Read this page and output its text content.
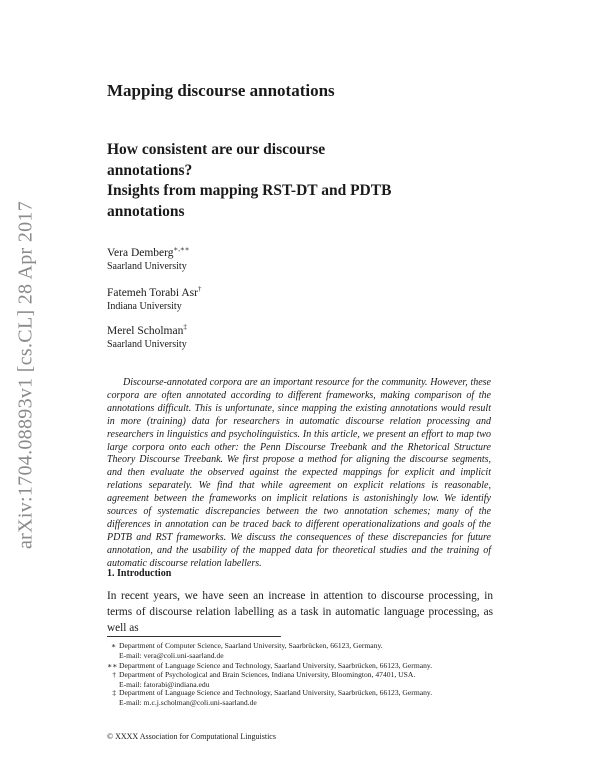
arXiv:1704.08893v1 [cs.CL] 28 Apr 2017
Mapping discourse annotations
How consistent are our discourse
annotations?
Insights from mapping RST-DT and PDTB
annotations
Vera Demberg∗,∗∗
Saarland University
Fatemeh Torabi Asr†
Indiana University
Merel Scholman‡
Saarland University
Discourse-annotated corpora are an important resource for the community. However, these corpora are often annotated according to different frameworks, making comparison of the annotations difficult. This is unfortunate, since mapping the existing annotations would result in more (training) data for researchers in automatic discourse relation processing and researchers in linguistics and psycholinguistics. In this article, we present an effort to map two large corpora onto each other: the Penn Discourse Treebank and the Rhetorical Structure Theory Discourse Treebank. We first propose a method for aligning the discourse segments, and then evaluate the observed against the expected mappings for explicit and implicit relations separately. We find that while agreement on explicit relations is reasonable, agreement between the frameworks on implicit relations is astonishingly low. We identify sources of systematic discrepancies between the two annotation schemes; many of the differences in annotation can be traced back to different operationalizations and goals of the PDTB and RST frameworks. We discuss the consequences of these discrepancies for future annotation, and the usability of the mapped data for theoretical studies and the training of automatic discourse relation labellers.
1. Introduction
In recent years, we have seen an increase in attention to discourse processing, in terms of discourse relation labelling as a task in automatic language processing, as well as
∗ Department of Computer Science, Saarland University, Saarbrücken, 66123, Germany.
E-mail: vera@coli.uni-saarland.de
∗∗ Department of Language Science and Technology, Saarland University, Saarbrücken, 66123, Germany.
† Department of Psychological and Brain Sciences, Indiana University, Bloomington, 47401, USA.
E-mail: fatorabi@indiana.edu
‡ Department of Language Science and Technology, Saarland University, Saarbrücken, 66123, Germany.
E-mail: m.c.j.scholman@coli.uni-saarland.de
© XXXX Association for Computational Linguistics
